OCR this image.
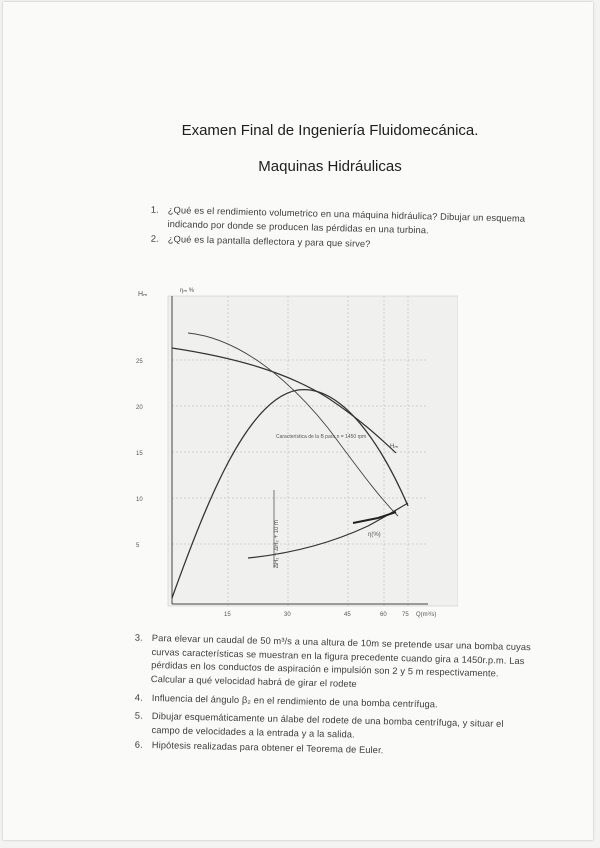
Examen Final de Ingeniería Fluidomecánica.
Maquinas Hidráulicas
1. ¿Qué es el rendimiento volumetrico en una máquina hidráulica? Dibujar un esquema indicando por donde se producen las pérdidas en una turbina.
2. ¿Qué es la pantalla deflectora y para que sirve?
Hₘ	ηₘ %
25
20
15
10
5
15	30	45	60	75 Q(m³/s)
Hₘ
η(%)
Característica de la B para n = 1450 rpm
ΔH₁ + ΔH₂ + 10 m
3. Para elevar un caudal de 50 m³/s a una altura de 10m se pretende usar una bomba cuyas curvas características se muestran en la figura precedente cuando gira a 1450r.p.m. Las pérdidas en los conductos de aspiración e impulsión son 2 y 5 m respectivamente. Calcular a qué velocidad habrá de girar el rodete
4. Influencia del ángulo β₂ en el rendimiento de una bomba centrífuga.
5. Dibujar esquemáticamente un álabe del rodete de una bomba centrífuga, y situar el campo de velocidades a la entrada y a la salida.
6. Hipótesis realizadas para obtener el Teorema de Euler.
